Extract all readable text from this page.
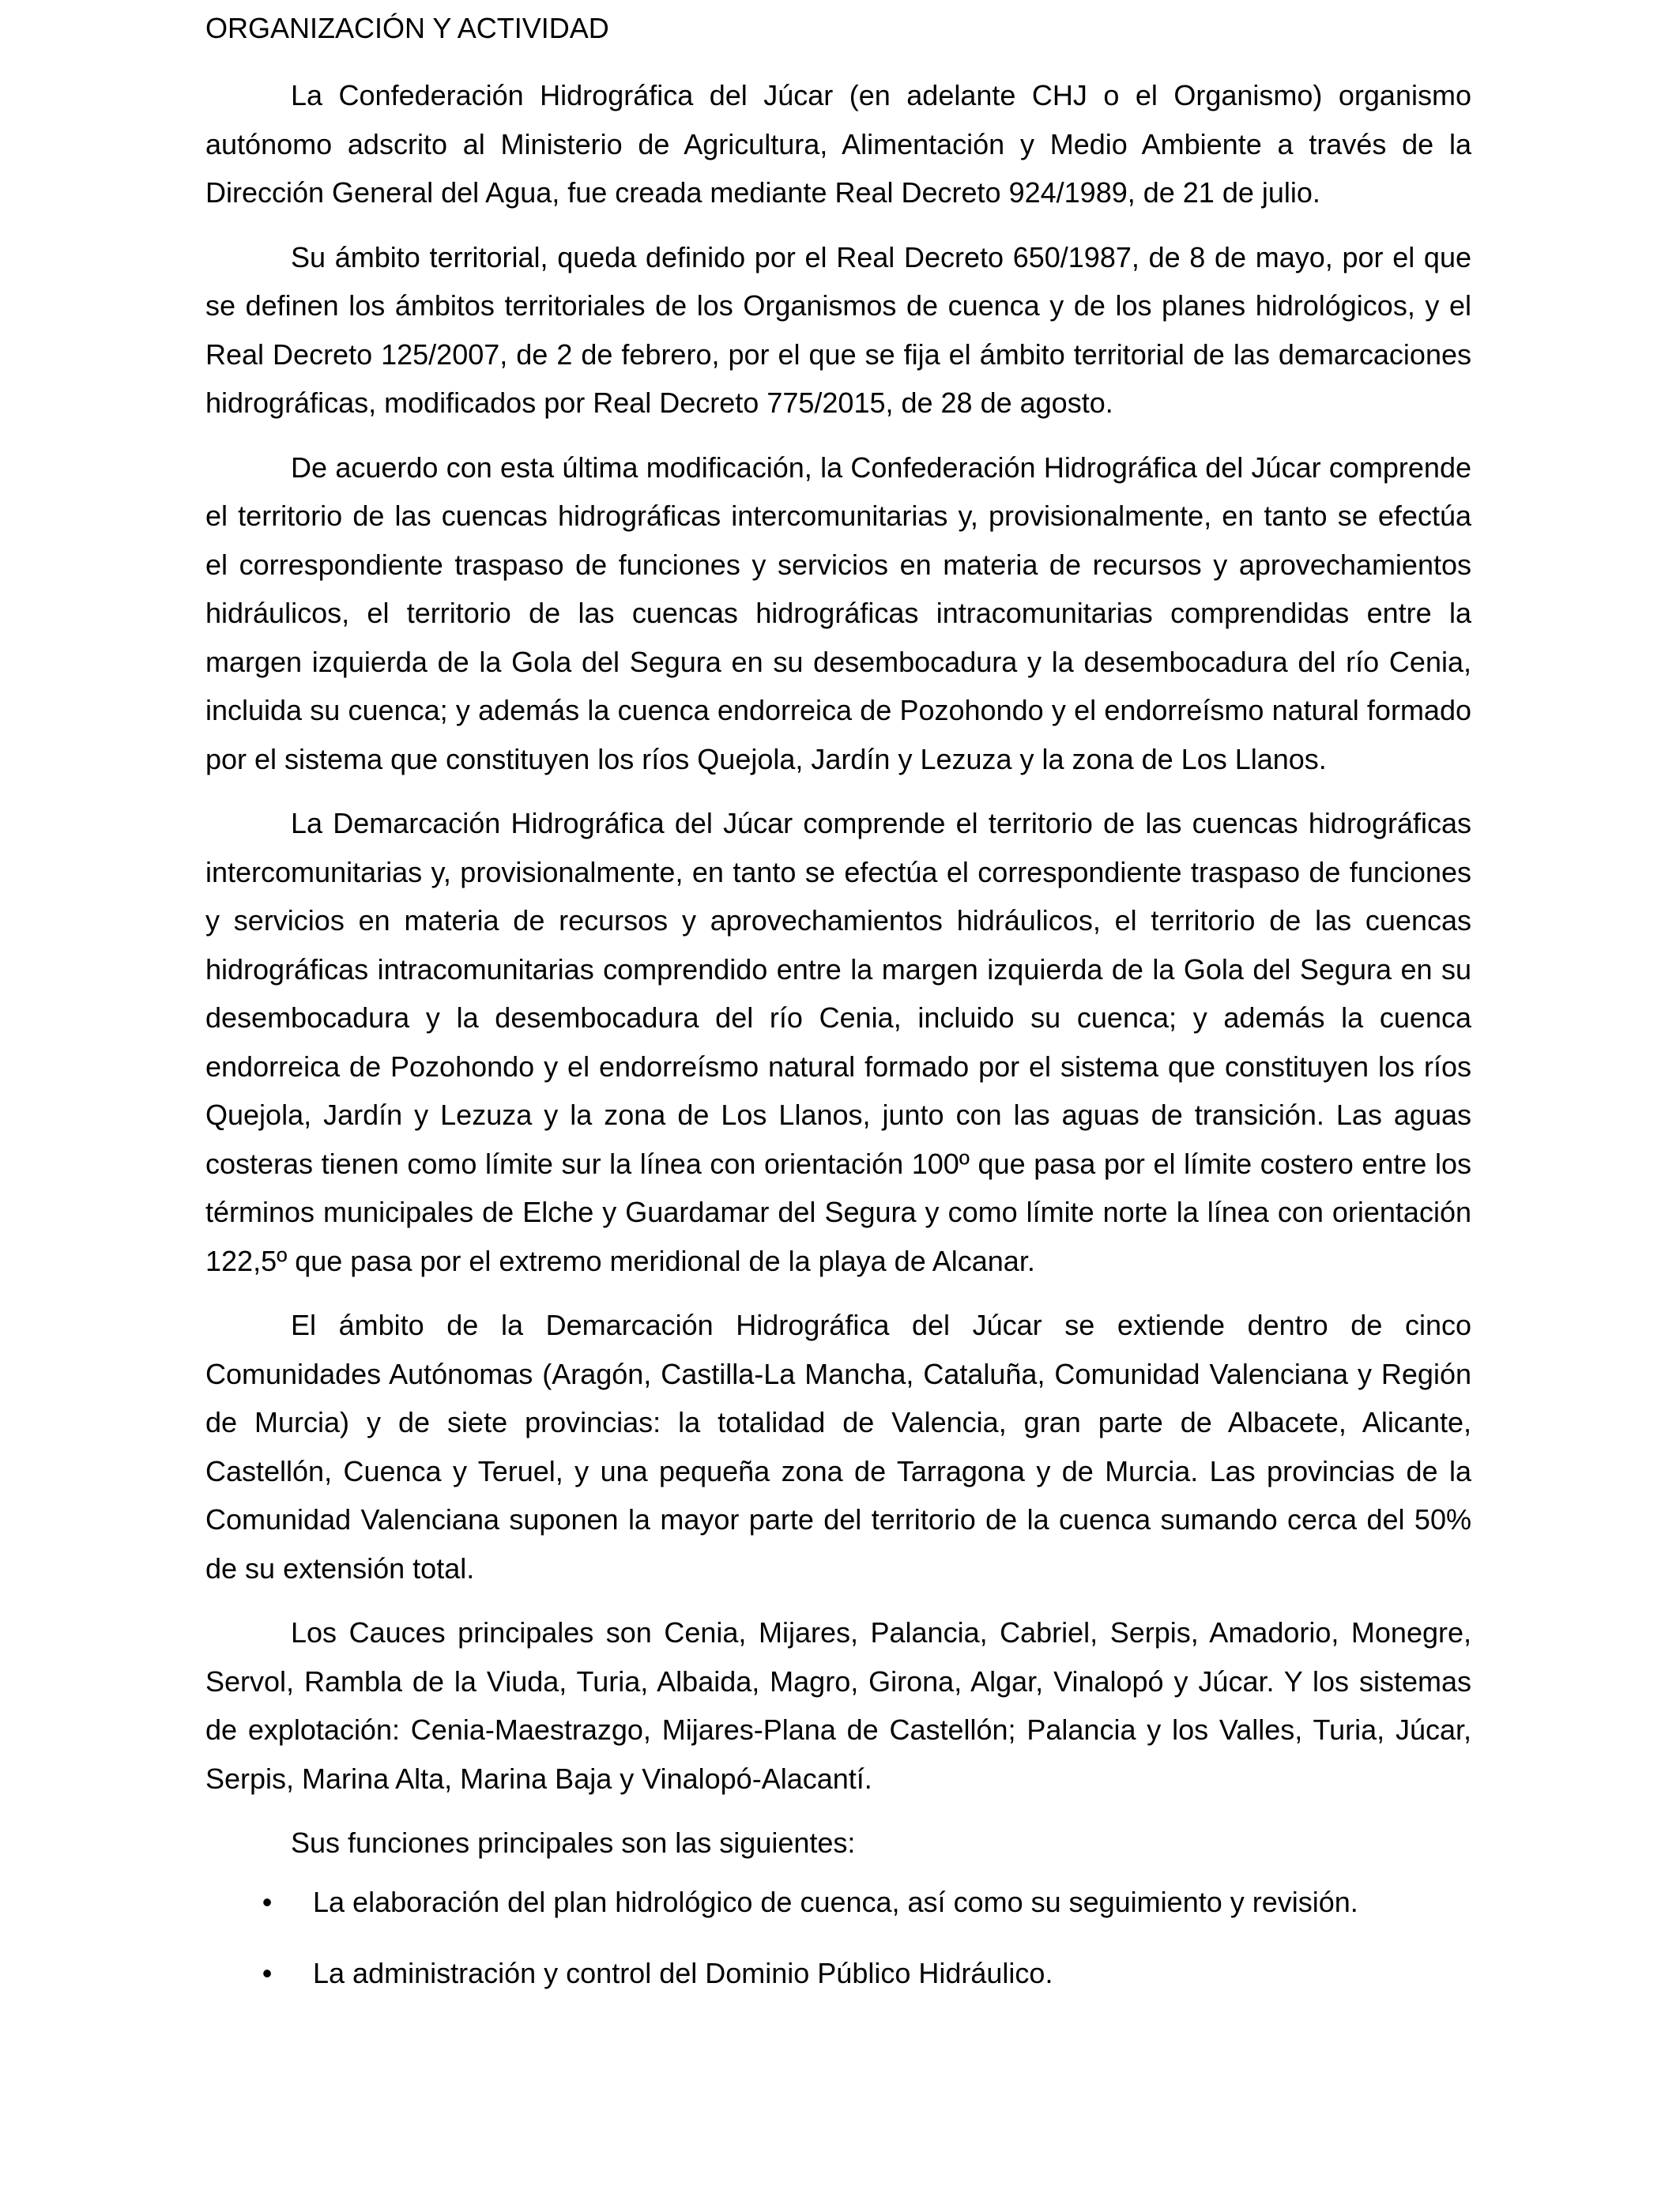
ORGANIZACIÓN Y ACTIVIDAD

La Confederación Hidrográfica del Júcar (en adelante CHJ o el Organismo) organismo autónomo adscrito al Ministerio de Agricultura, Alimentación y Medio Ambiente a través de la Dirección General del Agua, fue creada mediante Real Decreto 924/1989, de 21 de julio.

Su ámbito territorial, queda definido por el Real Decreto 650/1987, de 8 de mayo, por el que se definen los ámbitos territoriales de los Organismos de cuenca y de los planes hidrológicos, y el Real Decreto 125/2007, de 2 de febrero, por el que se fija el ámbito territorial de las demarcaciones hidrográficas, modificados por Real Decreto 775/2015, de 28 de agosto.

De acuerdo con esta última modificación, la Confederación Hidrográfica del Júcar comprende el territorio de las cuencas hidrográficas intercomunitarias y, provisionalmente, en tanto se efectúa el correspondiente traspaso de funciones y servicios en materia de recursos y aprovechamientos hidráulicos, el territorio de las cuencas hidrográficas intracomunitarias comprendidas entre la margen izquierda de la Gola del Segura en su desembocadura y la desembocadura del río Cenia, incluida su cuenca; y además la cuenca endorreica de Pozohondo y el endorreísmo natural formado por el sistema que constituyen los ríos Quejola, Jardín y Lezuza y la zona de Los Llanos.

La Demarcación Hidrográfica del Júcar comprende el territorio de las cuencas hidrográficas intercomunitarias y, provisionalmente, en tanto se efectúa el correspondiente traspaso de funciones y servicios en materia de recursos y aprovechamientos hidráulicos, el territorio de las cuencas hidrográficas intracomunitarias comprendido entre la margen izquierda de la Gola del Segura en su desembocadura y la desembocadura del río Cenia, incluido su cuenca; y además la cuenca endorreica de Pozohondo y el endorreísmo natural formado por el sistema que constituyen los ríos Quejola, Jardín y Lezuza y la zona de Los Llanos, junto con las aguas de transición. Las aguas costeras tienen como límite sur la línea con orientación 100º que pasa por el límite costero entre los términos municipales de Elche y Guardamar del Segura y como límite norte la línea con orientación 122,5º que pasa por el extremo meridional de la playa de Alcanar.

El ámbito de la Demarcación Hidrográfica del Júcar se extiende dentro de cinco Comunidades Autónomas (Aragón, Castilla-La Mancha, Cataluña, Comunidad Valenciana y Región de Murcia) y de siete provincias: la totalidad de Valencia, gran parte de Albacete, Alicante, Castellón, Cuenca y Teruel, y una pequeña zona de Tarragona y de Murcia. Las provincias de la Comunidad Valenciana suponen la mayor parte del territorio de la cuenca sumando cerca del 50% de su extensión total.

Los Cauces principales son Cenia, Mijares, Palancia, Cabriel, Serpis, Amadorio, Monegre, Servol, Rambla de la Viuda, Turia, Albaida, Magro, Girona, Algar, Vinalopó y Júcar. Y los sistemas de explotación: Cenia-Maestrazgo, Mijares-Plana de Castellón; Palancia y los Valles, Turia, Júcar, Serpis, Marina Alta, Marina Baja y Vinalopó-Alacantí.

Sus funciones principales son las siguientes:

• La elaboración del plan hidrológico de cuenca, así como su seguimiento y revisión.
• La administración y control del Dominio Público Hidráulico.
